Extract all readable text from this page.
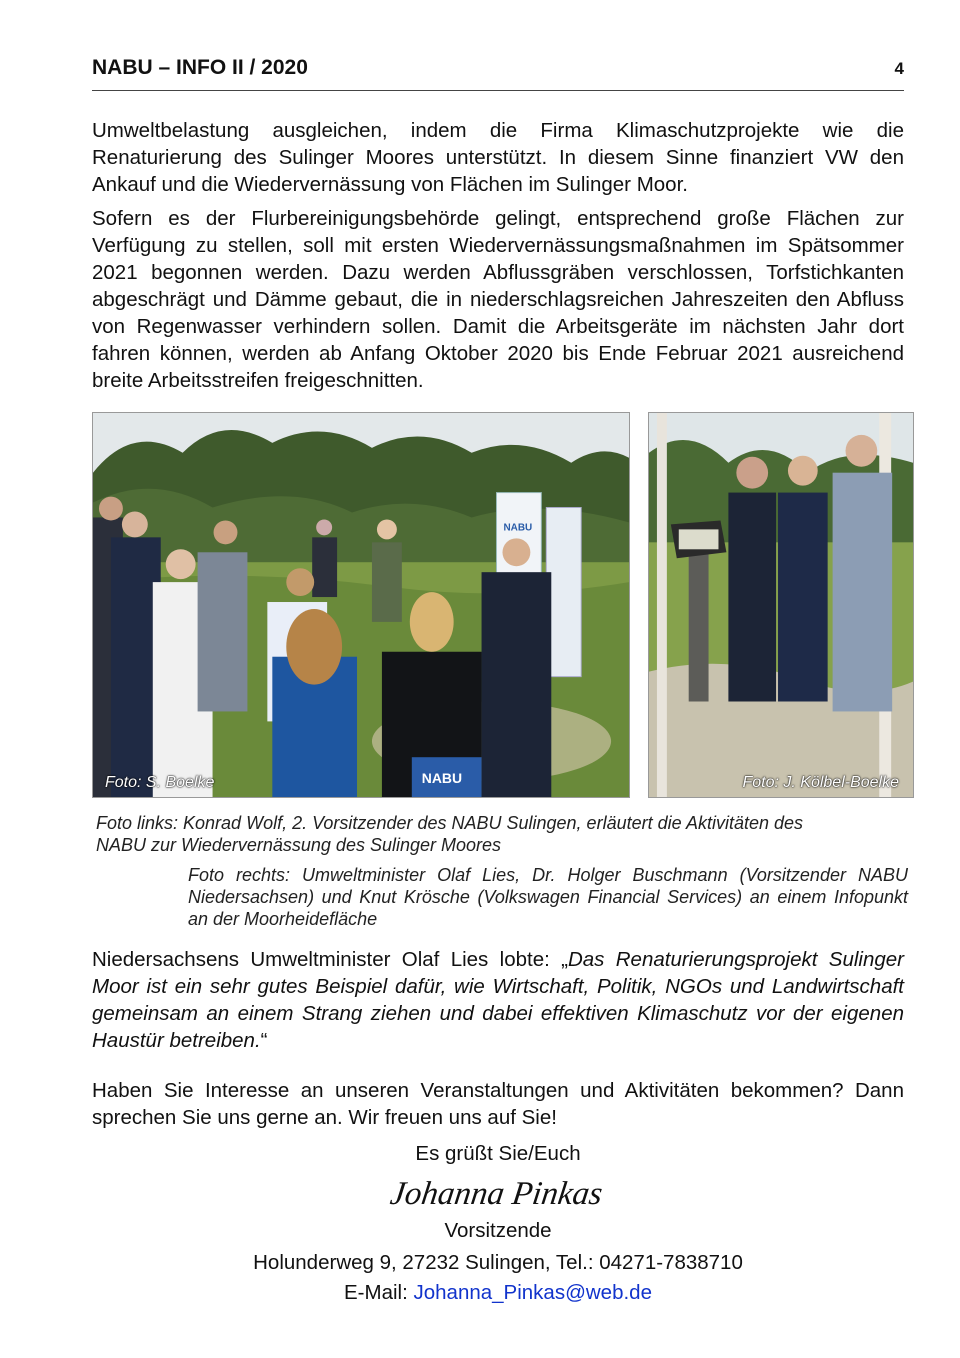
NABU – INFO II / 2020	4

Umweltbelastung ausgleichen, indem die Firma Klimaschutzprojekte wie die Renaturierung des Sulinger Moores unterstützt. In diesem Sinne finanziert VW den Ankauf und die Wiedervernässung von Flächen im Sulinger Moor.

Sofern es der Flurbereinigungsbehörde gelingt, entsprechend große Flächen zur Verfügung zu stellen, soll mit ersten Wiedervernässungsmaßnahmen im Spätsommer 2021 begonnen werden. Dazu werden Abflussgräben verschlossen, Torfstichkanten abgeschrägt und Dämme gebaut, die in niederschlagsreichen Jahreszeiten den Abfluss von Regenwasser verhindern sollen. Damit die Arbeitsgeräte im nächsten Jahr dort fahren können, werden ab Anfang Oktober 2020 bis Ende Februar 2021 ausreichend breite Arbeitsstreifen freigeschnitten.

NABU
NABU
Foto: S. Boelke	Foto: J. Kölbel-Boelke

Foto links: Konrad Wolf, 2. Vorsitzender des NABU Sulingen, erläutert die Aktivitäten des NABU zur Wiedervernässung des Sulinger Moores

Foto rechts: Umweltminister Olaf Lies, Dr. Holger Buschmann (Vorsitzender NABU Niedersachsen) und Knut Krösche (Volkswagen Financial Services) an einem Infopunkt an der Moorheidefläche

Niedersachsens Umweltminister Olaf Lies lobte: „Das Renaturierungsprojekt Sulinger Moor ist ein sehr gutes Beispiel dafür, wie Wirtschaft, Politik, NGOs und Landwirtschaft gemeinsam an einem Strang ziehen und dabei effektiven Klimaschutz vor der eigenen Haustür betreiben.“

Haben Sie Interesse an unseren Veranstaltungen und Aktivitäten bekommen? Dann sprechen Sie uns gerne an. Wir freuen uns auf Sie!

Es grüßt Sie/Euch
Johanna Pinkas
Vorsitzende
Holunderweg 9, 27232 Sulingen, Tel.: 04271-7838710
E-Mail: Johanna_Pinkas@web.de
